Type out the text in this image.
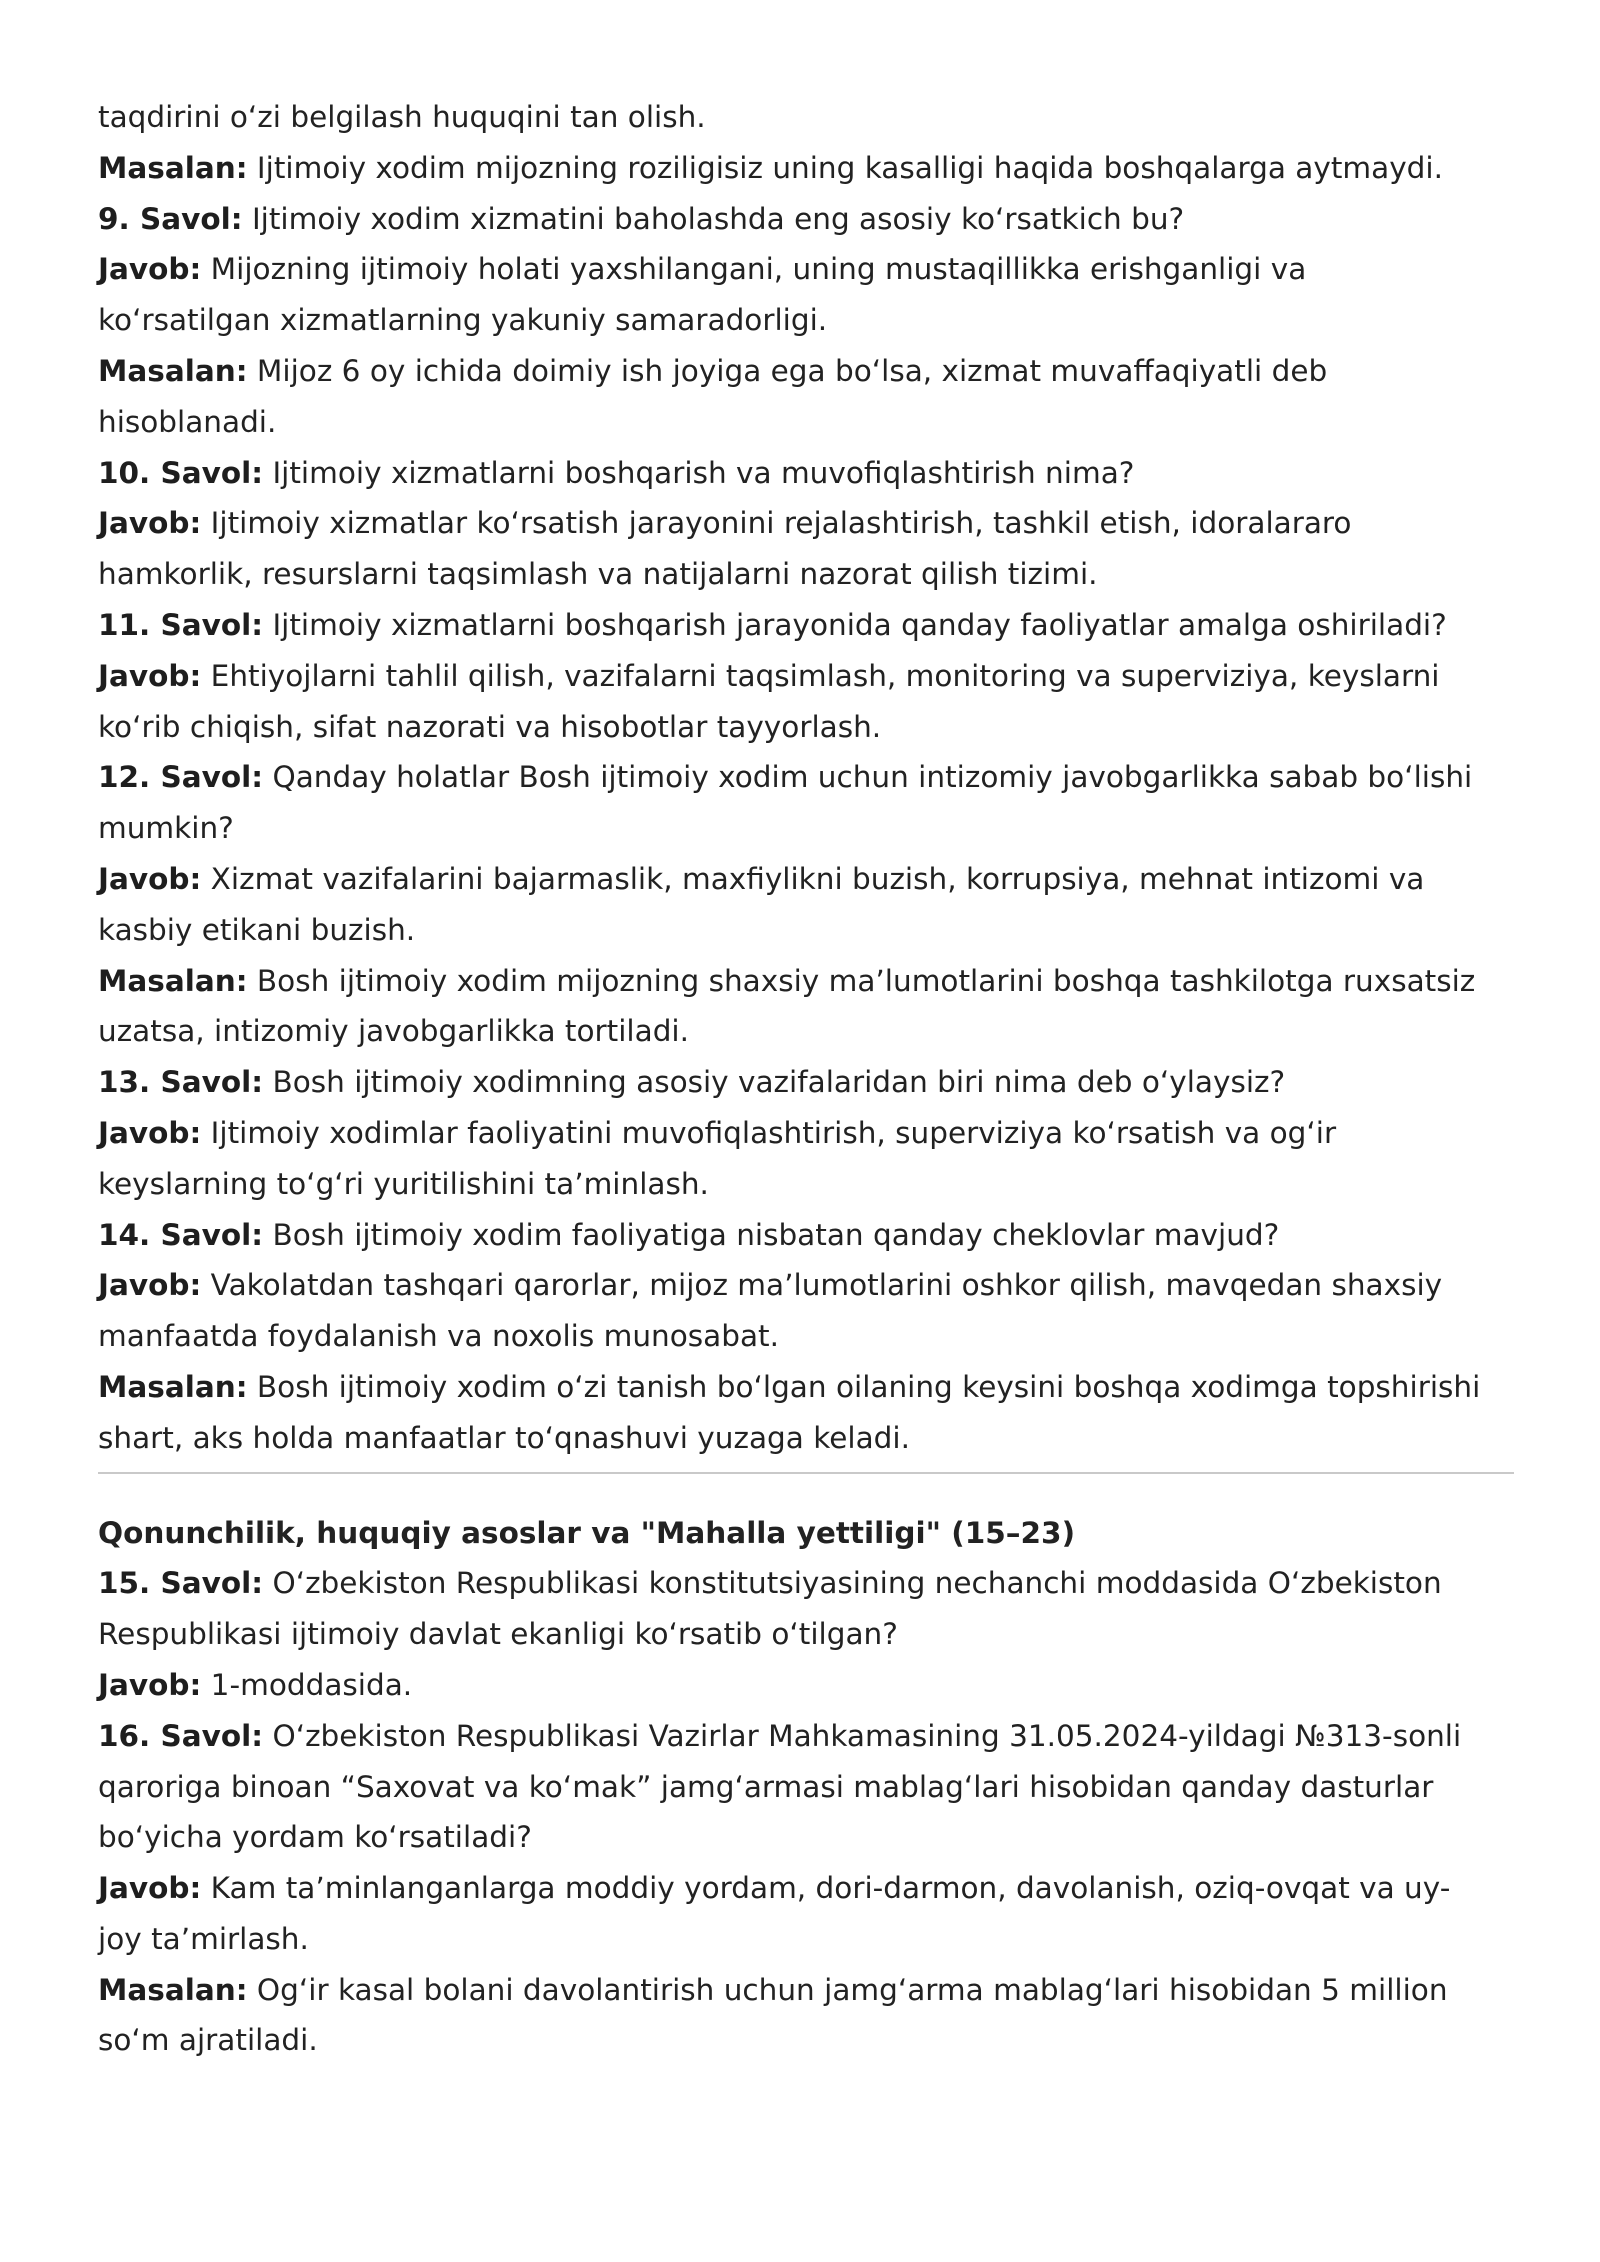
taqdirini o‘zi belgilash huquqini tan olish.
Masalan: Ijtimoiy xodim mijozning roziligisiz uning kasalligi haqida boshqalarga aytmaydi.
9. Savol: Ijtimoiy xodim xizmatini baholashda eng asosiy ko‘rsatkich bu?
Javob: Mijozning ijtimoiy holati yaxshilangani, uning mustaqillikka erishganligi va
ko‘rsatilgan xizmatlarning yakuniy samaradorligi.
Masalan: Mijoz 6 oy ichida doimiy ish joyiga ega bo‘lsa, xizmat muvaffaqiyatli deb
hisoblanadi.
10. Savol: Ijtimoiy xizmatlarni boshqarish va muvofiqlashtirish nima?
Javob: Ijtimoiy xizmatlar ko‘rsatish jarayonini rejalashtirish, tashkil etish, idoralararo
hamkorlik, resurslarni taqsimlash va natijalarni nazorat qilish tizimi.
11. Savol: Ijtimoiy xizmatlarni boshqarish jarayonida qanday faoliyatlar amalga oshiriladi?
Javob: Ehtiyojlarni tahlil qilish, vazifalarni taqsimlash, monitoring va superviziya, keyslarni
ko‘rib chiqish, sifat nazorati va hisobotlar tayyorlash.
12. Savol: Qanday holatlar Bosh ijtimoiy xodim uchun intizomiy javobgarlikka sabab bo‘lishi
mumkin?
Javob: Xizmat vazifalarini bajarmaslik, maxfiylikni buzish, korrupsiya, mehnat intizomi va
kasbiy etikani buzish.
Masalan: Bosh ijtimoiy xodim mijozning shaxsiy ma’lumotlarini boshqa tashkilotga ruxsatsiz
uzatsa, intizomiy javobgarlikka tortiladi.
13. Savol: Bosh ijtimoiy xodimning asosiy vazifalaridan biri nima deb o‘ylaysiz?
Javob: Ijtimoiy xodimlar faoliyatini muvofiqlashtirish, superviziya ko‘rsatish va og‘ir
keyslarning to‘g‘ri yuritilishini ta’minlash.
14. Savol: Bosh ijtimoiy xodim faoliyatiga nisbatan qanday cheklovlar mavjud?
Javob: Vakolatdan tashqari qarorlar, mijoz ma’lumotlarini oshkor qilish, mavqedan shaxsiy
manfaatda foydalanish va noxolis munosabat.
Masalan: Bosh ijtimoiy xodim o‘zi tanish bo‘lgan oilaning keysini boshqa xodimga topshirishi
shart, aks holda manfaatlar to‘qnashuvi yuzaga keladi.
Qonunchilik, huquqiy asoslar va "Mahalla yettiligi" (15–23)
15. Savol: O‘zbekiston Respublikasi konstitutsiyasining nechanchi moddasida O‘zbekiston
Respublikasi ijtimoiy davlat ekanligi ko‘rsatib o‘tilgan?
Javob: 1-moddasida.
16. Savol: O‘zbekiston Respublikasi Vazirlar Mahkamasining 31.05.2024-yildagi №313-sonli
qaroriga binoan “Saxovat va ko‘mak” jamg‘armasi mablag‘lari hisobidan qanday dasturlar
bo‘yicha yordam ko‘rsatiladi?
Javob: Kam ta’minlanganlarga moddiy yordam, dori-darmon, davolanish, oziq-ovqat va uy-
joy ta’mirlash.
Masalan: Og‘ir kasal bolani davolantirish uchun jamg‘arma mablag‘lari hisobidan 5 million
so‘m ajratiladi.
